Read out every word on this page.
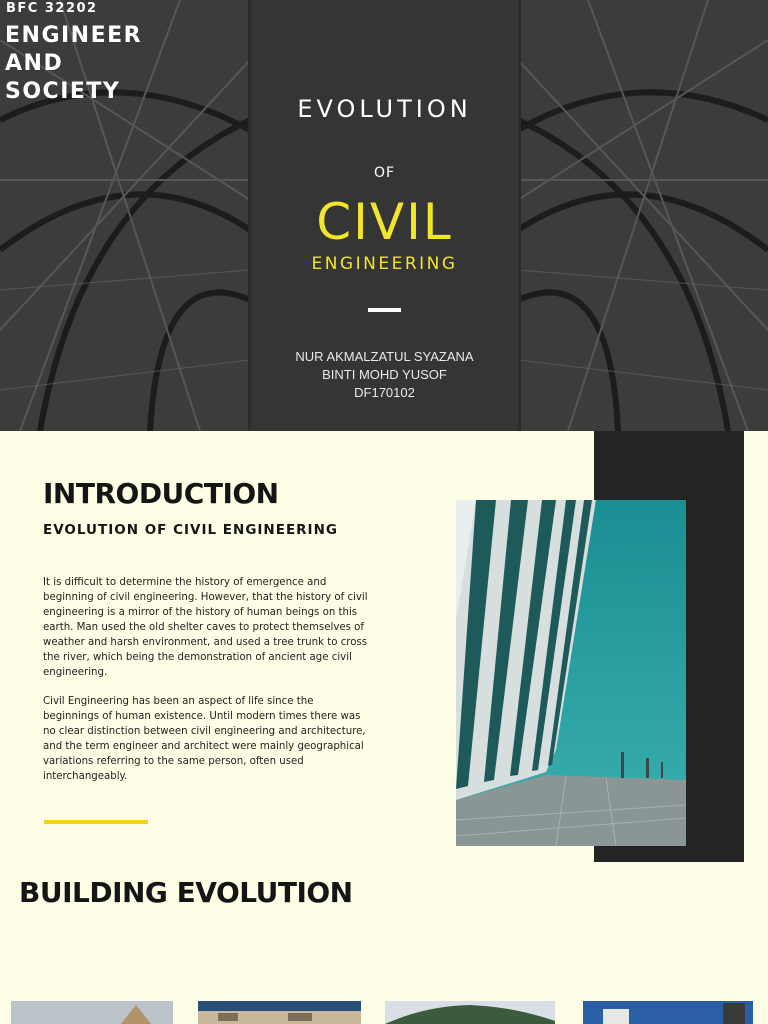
BFC 32202
ENGINEER AND SOCIETY
EVOLUTION
OF
CIVIL
ENGINEERING
NUR AKMALZATUL SYAZANA
BINTI MOHD YUSOF
DF170102
INTRODUCTION
EVOLUTION OF CIVIL ENGINEERING

It is difficult to determine the history of emergence and beginning of civil engineering. However, that the history of civil engineering is a mirror of the history of human beings on this earth. Man used the old shelter caves to protect themselves of weather and harsh environment, and used a tree trunk to cross the river, which being the demonstration of ancient age civil engineering.

Civil Engineering has been an aspect of life since the beginnings of human existence. Until modern times there was no clear distinction between civil engineering and architecture, and the term engineer and architect were mainly geographical variations referring to the same person, often used interchangeably.

BUILDING EVOLUTION
